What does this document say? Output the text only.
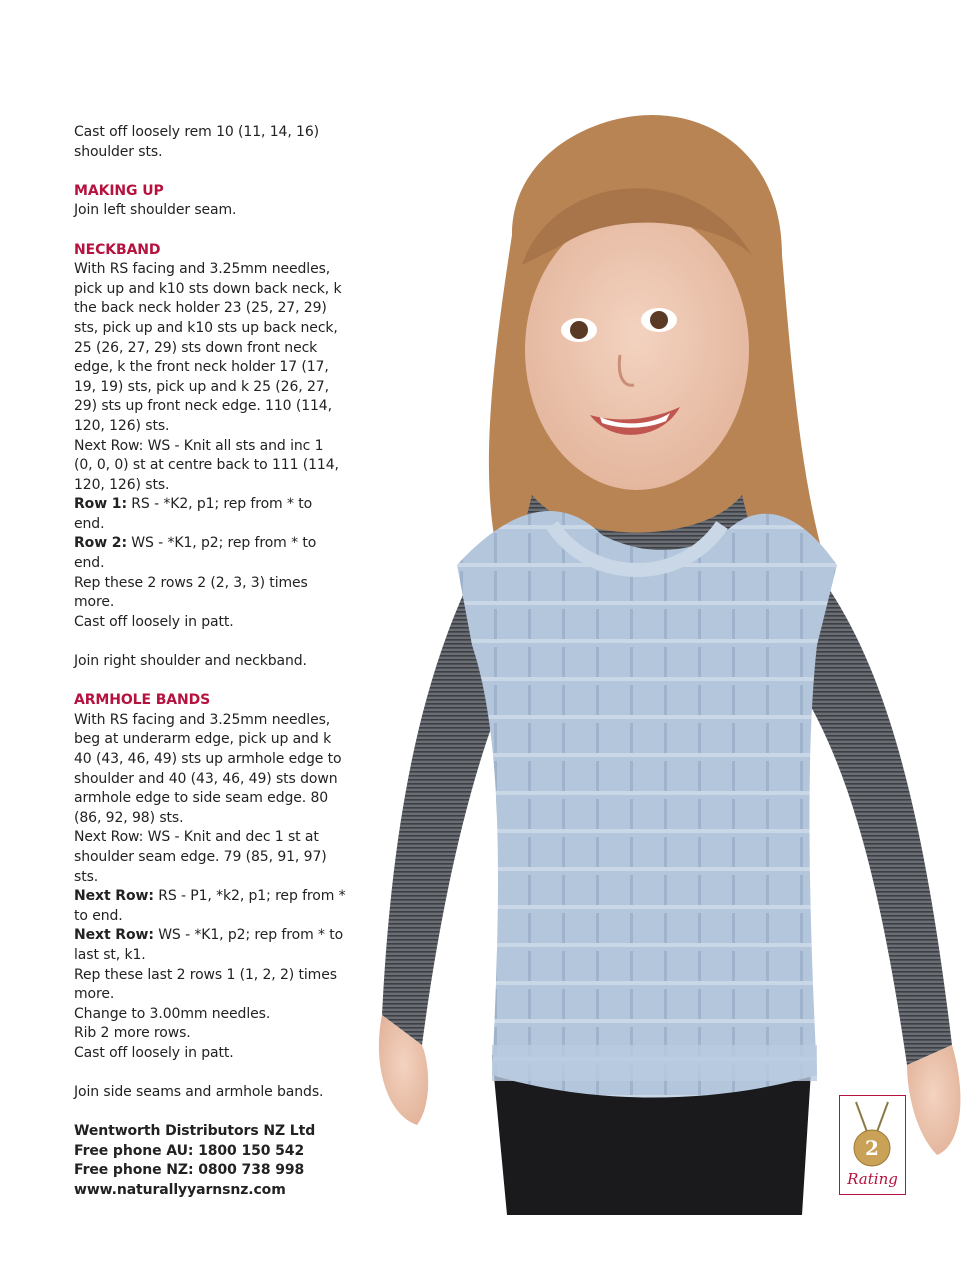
Cast off loosely rem 10 (11, 14, 16) shoulder sts.

MAKING UP

Join left shoulder seam.

NECKBAND

With RS facing and 3.25mm needles, pick up and k10 sts down back neck, k the back neck holder 23 (25, 27, 29) sts, pick up and k10 sts up back neck, 25 (26, 27, 29) sts down front neck edge, k the front neck holder 17 (17, 19, 19) sts, pick up and k 25 (26, 27, 29) sts up front neck edge. 110 (114, 120, 126) sts.

Next Row: WS - Knit all sts and inc 1 (0, 0, 0) st at centre back to 111 (114, 120, 126) sts.

Row 1: RS - *K2, p1; rep from * to end.

Row 2: WS - *K1, p2; rep from * to end.

Rep these 2 rows 2 (2, 3, 3) times more.

Cast off loosely in patt.

Join right shoulder and neckband.

ARMHOLE BANDS

With RS facing and 3.25mm needles, beg at underarm edge, pick up and k 40 (43, 46, 49) sts up armhole edge to shoulder and 40 (43, 46, 49) sts down armhole edge to side seam edge. 80 (86, 92, 98) sts.

Next Row: WS - Knit and dec 1 st at shoulder seam edge. 79 (85, 91, 97) sts.

Next Row: RS - P1, *k2, p1; rep from * to end.

Next Row: WS - *K1, p2; rep from * to last st, k1.

Rep these last 2 rows 1 (1, 2, 2) times more.

Change to 3.00mm needles.

Rib 2 more rows.

Cast off loosely in patt.

Join side seams and armhole bands.

Wentworth Distributors NZ Ltd

Free phone AU: 1800 150 542

Free phone NZ: 0800 738 998

www.naturallyyarnsnz.com

2
Rating
